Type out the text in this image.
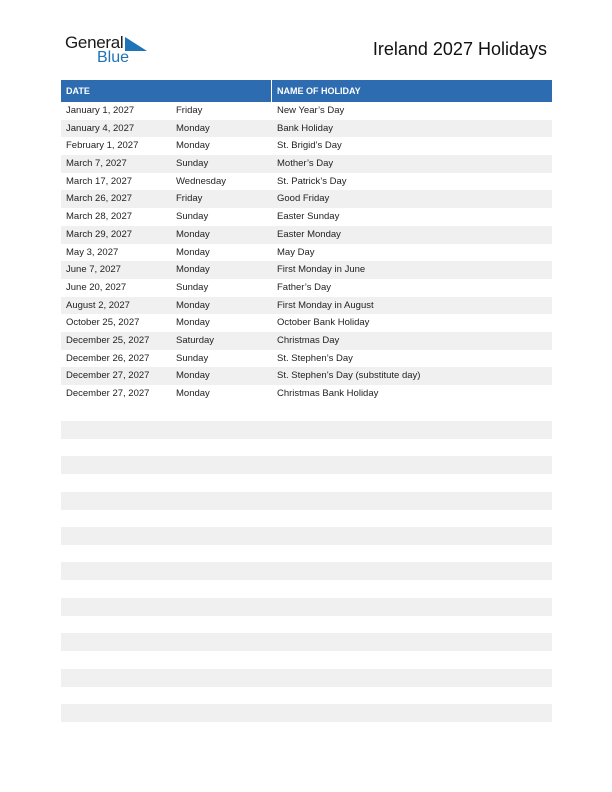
General
Blue	Ireland 2027 Holidays
DATE	NAME OF HOLIDAY
January 1, 2027	Friday	New Year’s Day
January 4, 2027	Monday	Bank Holiday
February 1, 2027	Monday	St. Brigid’s Day
March 7, 2027	Sunday	Mother’s Day
March 17, 2027	Wednesday	St. Patrick’s Day
March 26, 2027	Friday	Good Friday
March 28, 2027	Sunday	Easter Sunday
March 29, 2027	Monday	Easter Monday
May 3, 2027	Monday	May Day
June 7, 2027	Monday	First Monday in June
June 20, 2027	Sunday	Father’s Day
August 2, 2027	Monday	First Monday in August
October 25, 2027	Monday	October Bank Holiday
December 25, 2027	Saturday	Christmas Day
December 26, 2027	Sunday	St. Stephen’s Day
December 27, 2027	Monday	St. Stephen’s Day (substitute day)
December 27, 2027	Monday	Christmas Bank Holiday
